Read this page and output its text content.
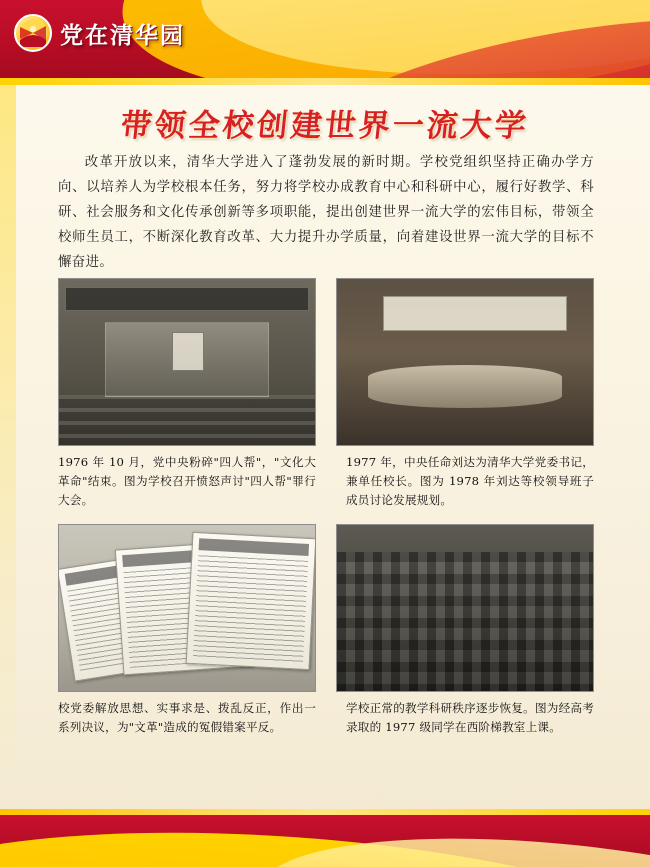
党在清华园
带领全校创建世界一流大学
改革开放以来，清华大学进入了蓬勃发展的新时期。学校党组织坚持正确办学方向、以培养人为学校根本任务，努力将学校办成教育中心和科研中心，履行好教学、科研、社会服务和文化传承创新等多项职能，提出创建世界一流大学的宏伟目标，带领全校师生员工，不断深化教育改革、大力提升办学质量，向着建设世界一流大学的目标不懈奋进。
1976 年 10 月，党中央粉碎"四人帮"，"文化大革命"结束。图为学校召开愤怒声讨"四人帮"罪行大会。
1977 年，中央任命刘达为清华大学党委书记，兼单任校长。图为 1978 年刘达等校领导班子成员讨论发展规划。
校党委解放思想、实事求是、拨乱反正，作出一系列决议，为"文革"造成的冤假错案平反。
学校正常的教学科研秩序逐步恢复。图为经高考录取的 1977 级同学在西阶梯教室上课。
